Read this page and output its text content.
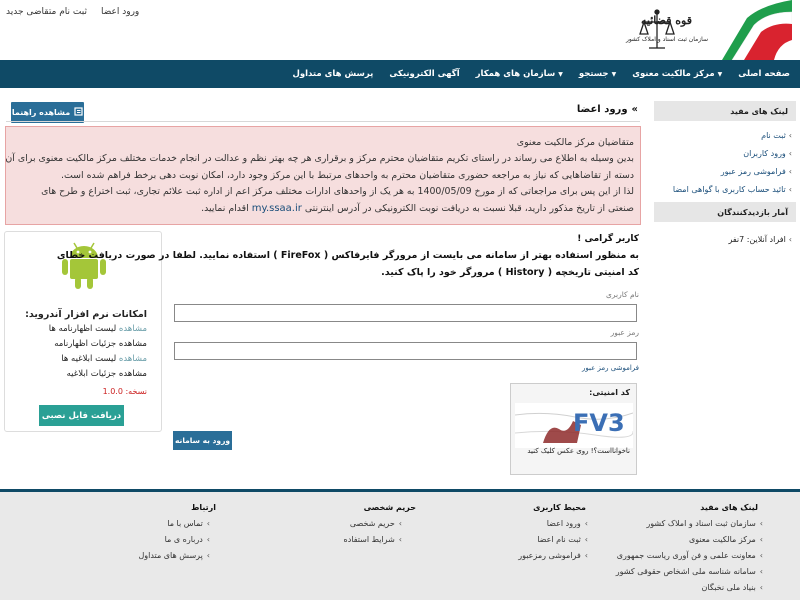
ورود اعضا
ثبت نام متقاضی جدید
قوه قضائیه
سازمان ثبت اسناد و املاک کشور
صفحه اصلی
▼
مرکز مالکیت معنوی
▼
جستجو
▼
سازمان های همکار
آگهی الکترونیکی
پرسش های متداول
لینک های مفید
›ثبت نام
›ورود کاربران
›فراموشی رمز عبور
›تائید حساب کاربری با گواهی امضا
آمار بازدیدکنندگان
›افراد آنلاین: 7نفر
مشاهده راهنما	»
ورود اعضا
متقاضیان مرکز مالکیت معنوی
بدین وسیله به اطلاع می رساند در راستای تکریم متقاضیان محترم مرکز و برقراری هر چه بهتر نظم و عدالت در انجام خدمات مختلف مرکز مالکیت معنوی برای آن
دسته از تقاضاهایی که نیاز به مراجعه حضوری متقاضیان محترم به واحدهای مرتبط با این مرکز وجود دارد، امکان نوبت دهی برخط فراهم شده است.
لذا از این پس برای مراجعاتی که از مورخ 1400/05/09 به هر یک از واحدهای ادارات مختلف مرکز اعم از اداره ثبت علائم تجاری، ثبت اختراع و طرح های
صنعتی از تاریخ مذکور دارید، قبلا نسبت به دریافت نوبت الکترونیکی در آدرس اینترنتی my.ssaa.ir اقدام نمایید.
امکانات نرم افزار آندروید:
مشاهده لیست اظهارنامه ها
مشاهده جزئیات اظهارنامه
مشاهده لیست ابلاغیه ها
مشاهده جزئیات ابلاغیه
نسخه: 1.0.0
دریافت فایل نصبی
کاربر گرامی !
به منظور استفاده بهتر از سامانه می بایست از مرورگر فایرفاکس ( FireFox ) استفاده نمایید. لطفا در صورت دریافت خطای
کد امنیتی تاریخچه ( History ) مرورگر خود را پاک کنید.
نام کاربری
رمز عبور
فراموشی رمز عبور
کد امنیتی:
FV3
ناخوانااست؟! روی عکس کلیک کنید
ورود به سامانه
لینک های مفید
›سازمان ثبت اسناد و املاک کشور
›مرکز مالکیت معنوی
›معاونت علمی و فن آوری ریاست جمهوری
›سامانه شناسه ملی اشخاص حقوقی کشور
›بنیاد ملی نخبگان
محیط کاربری
›ورود اعضا
›ثبت نام اعضا
›فراموشی رمزعبور
حریم شخصی
›حریم شخصی
›شرایط استفاده
ارتباط
›تماس با ما
›درباره ی ما
›پرسش های متداول
